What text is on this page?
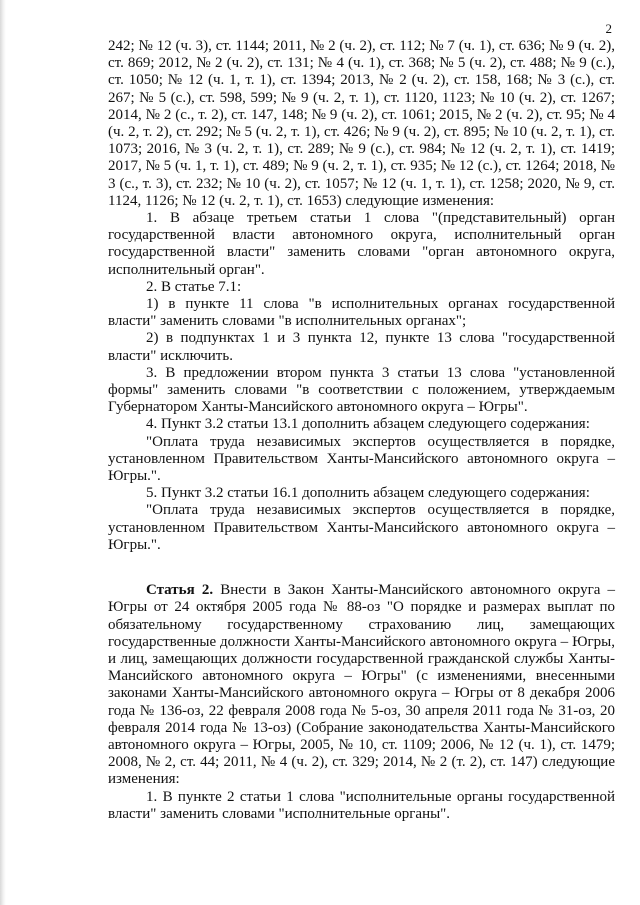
2

242; № 12 (ч. 3), ст. 1144; 2011, № 2 (ч. 2), ст. 112; № 7 (ч. 1), ст. 636; № 9 (ч. 2), ст. 869; 2012, № 2 (ч. 2), ст. 131; № 4 (ч. 1), ст. 368; № 5 (ч. 2), ст. 488; № 9 (с.), ст. 1050; № 12 (ч. 1, т. 1), ст. 1394; 2013, № 2 (ч. 2), ст. 158, 168; № 3 (с.), ст. 267; № 5 (с.), ст. 598, 599; № 9 (ч. 2, т. 1), ст. 1120, 1123; № 10 (ч. 2), ст. 1267; 2014, № 2 (с., т. 2), ст. 147, 148; № 9 (ч. 2), ст. 1061; 2015, № 2 (ч. 2), ст. 95; № 4 (ч. 2, т. 2), ст. 292; № 5 (ч. 2, т. 1), ст. 426; № 9 (ч. 2), ст. 895; № 10 (ч. 2, т. 1), ст. 1073; 2016, № 3 (ч. 2, т. 1), ст. 289; № 9 (с.), ст. 984; № 12 (ч. 2, т. 1), ст. 1419; 2017, № 5 (ч. 1, т. 1), ст. 489; № 9 (ч. 2, т. 1), ст. 935; № 12 (с.), ст. 1264; 2018, № 3 (с., т. 3), ст. 232; № 10 (ч. 2), ст. 1057; № 12 (ч. 1, т. 1), ст. 1258; 2020, № 9, ст. 1124, 1126; № 12 (ч. 2, т. 1), ст. 1653) следующие изменения:

1. В абзаце третьем статьи 1 слова "(представительный) орган государственной власти автономного округа, исполнительный орган государственной власти" заменить словами "орган автономного округа, исполнительный орган".

2. В статье 7.1:

1) в пункте 11 слова "в исполнительных органах государственной власти" заменить словами "в исполнительных органах";

2) в подпунктах 1 и 3 пункта 12, пункте 13 слова "государственной власти" исключить.

3. В предложении втором пункта 3 статьи 13 слова "установленной формы" заменить словами "в соответствии с положением, утверждаемым Губернатором Ханты-Мансийского автономного округа – Югры".

4. Пункт 3.2 статьи 13.1 дополнить абзацем следующего содержания:

"Оплата труда независимых экспертов осуществляется в порядке, установленном Правительством Ханты-Мансийского автономного округа – Югры.".

5. Пункт 3.2 статьи 16.1 дополнить абзацем следующего содержания:

"Оплата труда независимых экспертов осуществляется в порядке, установленном Правительством Ханты-Мансийского автономного округа – Югры.".

Статья 2. Внести в Закон Ханты-Мансийского автономного округа – Югры от 24 октября 2005 года № 88-оз "О порядке и размерах выплат по обязательному государственному страхованию лиц, замещающих государственные должности Ханты-Мансийского автономного округа – Югры, и лиц, замещающих должности государственной гражданской службы Ханты-Мансийского автономного округа – Югры" (с изменениями, внесенными законами Ханты-Мансийского автономного округа – Югры от 8 декабря 2006 года № 136-оз, 22 февраля 2008 года № 5-оз, 30 апреля 2011 года № 31-оз, 20 февраля 2014 года № 13-оз) (Собрание законодательства Ханты-Мансийского автономного округа – Югры, 2005, № 10, ст. 1109; 2006, № 12 (ч. 1), ст. 1479; 2008, № 2, ст. 44; 2011, № 4 (ч. 2), ст. 329; 2014, № 2 (т. 2), ст. 147) следующие изменения:

1. В пункте 2 статьи 1 слова "исполнительные органы государственной власти" заменить словами "исполнительные органы".
